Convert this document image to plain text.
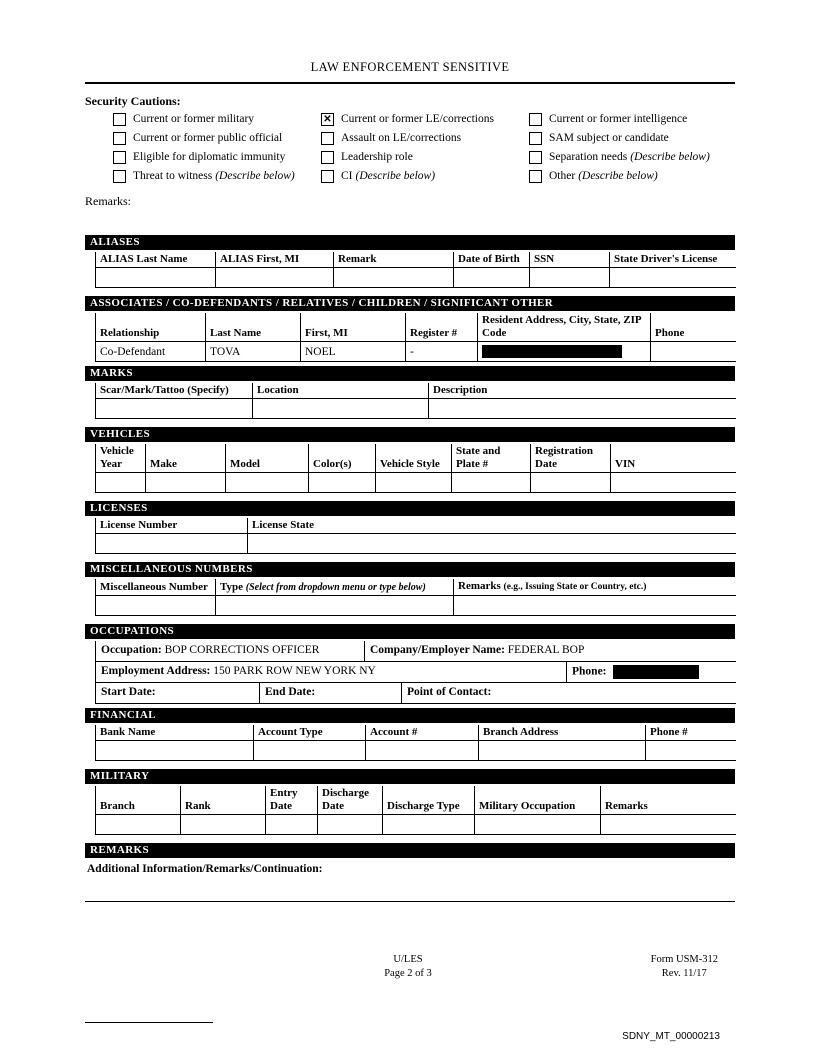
LAW ENFORCEMENT SENSITIVE
Security Cautions:
Current or former military
Current or former public official
Eligible for diplomatic immunity
Threat to witness (Describe below)
✕ Current or former LE/corrections
Assault on LE/corrections
Leadership role
CI (Describe below)
Current or former intelligence
SAM subject or candidate
Separation needs (Describe below)
Other (Describe below)
Remarks:
ALIASES
ALIAS Last Name	ALIAS First, MI	Remark	Date of Birth	SSN	State Driver's License

ASSOCIATES / CO-DEFENDANTS / RELATIVES / CHILDREN / SIGNIFICANT OTHER
Relationship	Last Name	First, MI	Register #	Resident Address, City, State, ZIP Code	Phone
Co-Defendant	TOVA	NOEL	-	

MARKS
Scar/Mark/Tattoo (Specify)	Location	Description

VEHICLES
Vehicle Year	Make	Model	Color(s)	Vehicle Style	State and Plate #	Registration Date	VIN

LICENSES
License Number	License State

MISCELLANEOUS NUMBERS
Miscellaneous Number	Type (Select from dropdown menu or type below)	Remarks (e.g., Issuing State or Country, etc.)

OCCUPATIONS
Occupation: BOP CORRECTIONS OFFICER	Company/Employer Name: FEDERAL BOP
Employment Address: 150 PARK ROW NEW YORK NY	Phone:
Start Date:	End Date:	Point of Contact:
FINANCIAL
Bank Name	Account Type	Account #	Branch Address	Phone #

MILITARY
Branch	Rank	Entry Date	Discharge Date	Discharge Type	Military Occupation	Remarks

REMARKS
Additional Information/Remarks/Continuation:
U/LES
Page 2 of 3
Form USM-312
Rev. 11/17
SDNY_MT_00000213
